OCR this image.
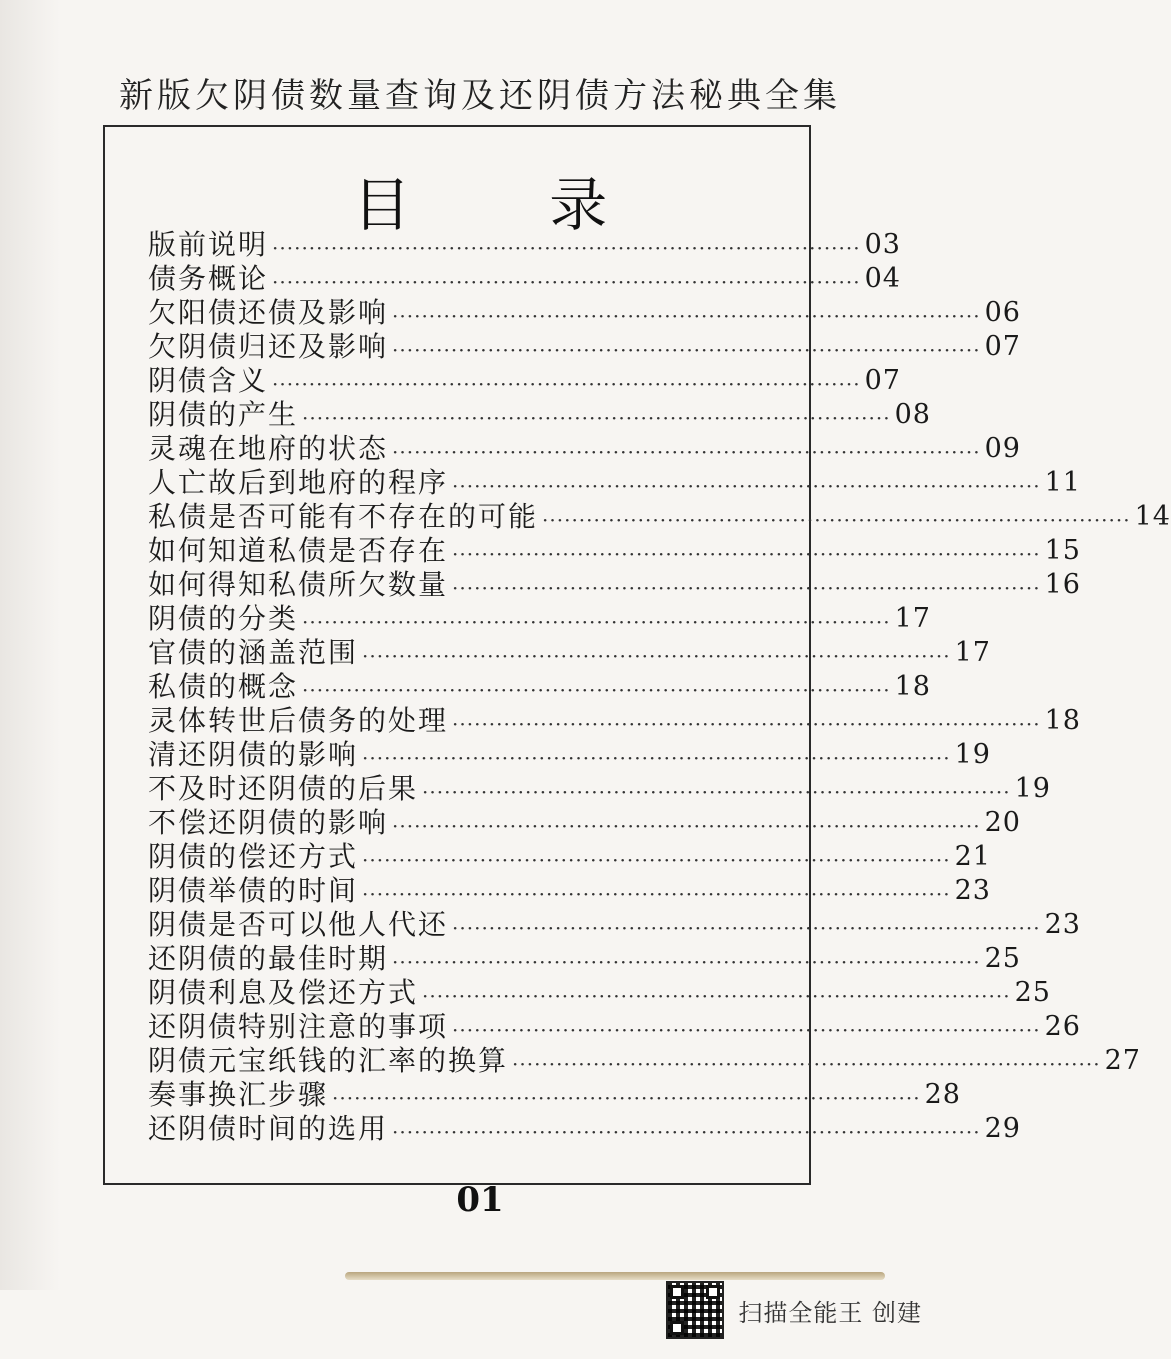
新版欠阴债数量查询及还阴债方法秘典全集
目 录
版前说明 ················································································ 03
债务概论 ················································································ 04
欠阳债还债及影响 ················································································ 06
欠阴债归还及影响 ················································································ 07
阴债含义 ················································································ 07
阴债的产生 ················································································ 08
灵魂在地府的状态 ················································································ 09
人亡故后到地府的程序 ················································································ 11
私债是否可能有不存在的可能 ················································································ 14
如何知道私债是否存在 ················································································ 15
如何得知私债所欠数量 ················································································ 16
阴债的分类 ················································································ 17
官债的涵盖范围 ················································································ 17
私债的概念 ················································································ 18
灵体转世后债务的处理 ················································································ 18
清还阴债的影响 ················································································ 19
不及时还阴债的后果 ················································································ 19
不偿还阴债的影响 ················································································ 20
阴债的偿还方式 ················································································ 21
阴债举债的时间 ················································································ 23
阴债是否可以他人代还 ················································································ 23
还阴债的最佳时期 ················································································ 25
阴债利息及偿还方式 ················································································ 25
还阴债特别注意的事项 ················································································ 26
阴债元宝纸钱的汇率的换算 ················································································ 27
奏事换汇步骤 ················································································ 28
还阴债时间的选用 ················································································ 29
01
扫描全能王 创建
